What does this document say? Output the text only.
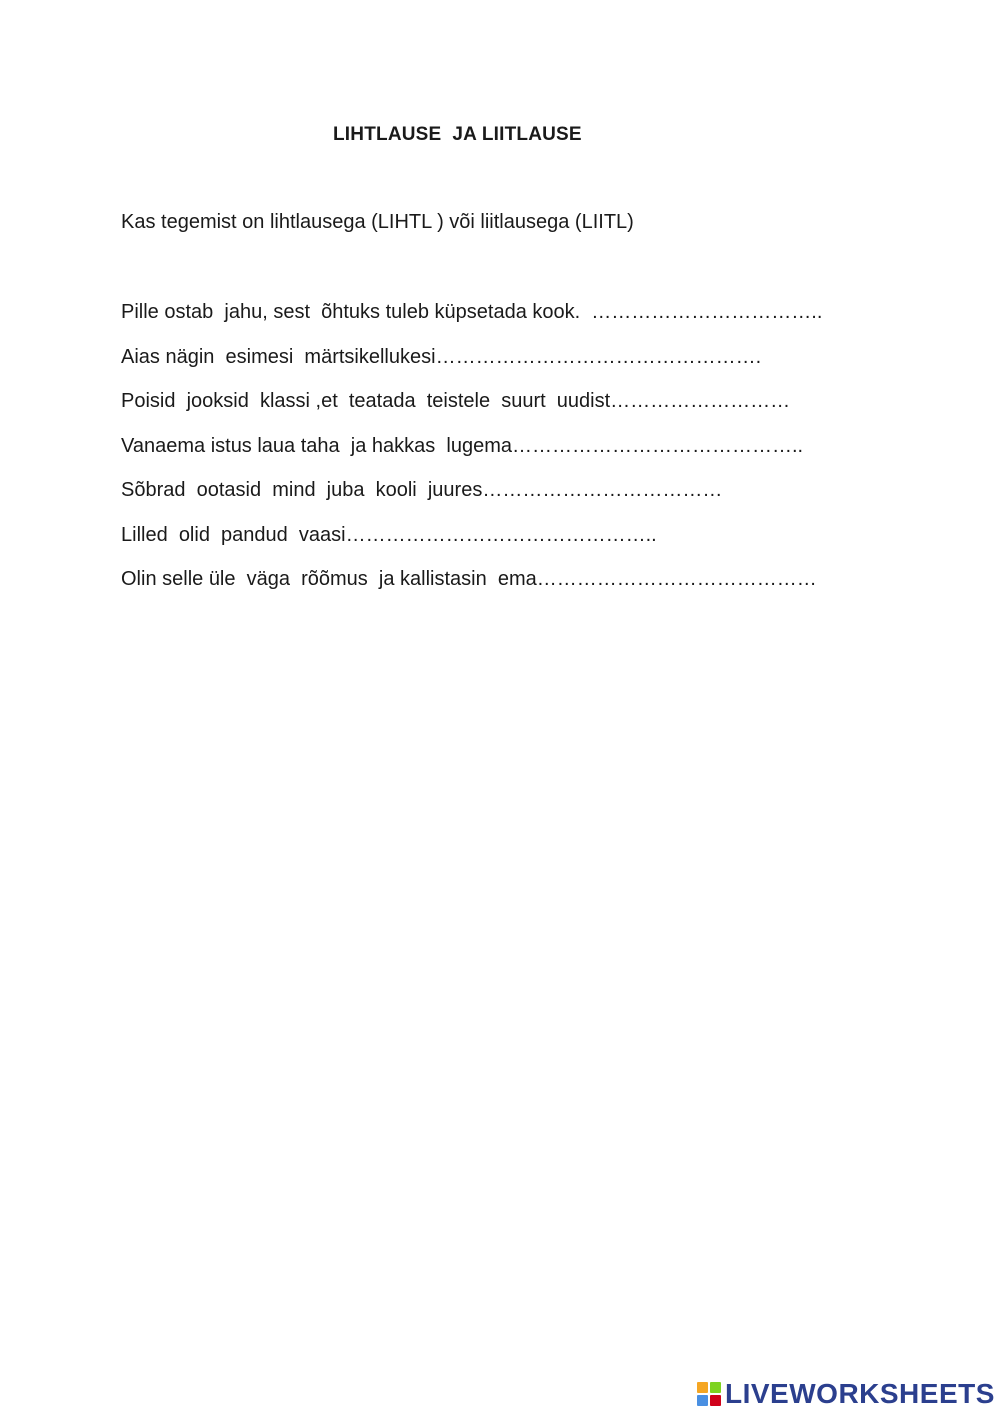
LIHTLAUSE  JA LIITLAUSE
Kas tegemist on lihtlausega (LIHTL ) või liitlausega (LIITL)
Pille ostab  jahu, sest  õhtuks tuleb küpsetada kook.  ……………………………..
Aias nägin  esimesi  märtsikellukesi………………………………………….
Poisid  jooksid  klassi ,et  teatada  teistele  suurt  uudist………………………
Vanaema istus laua taha  ja hakkas  lugema……………………………………..
Sõbrad  ootasid  mind  juba  kooli  juures………………………………
Lilled  olid  pandud  vaasi………………………………………..
Olin selle üle  väga  rõõmus  ja kallistasin  ema……………………………………
LIVEWORKSHEETS
